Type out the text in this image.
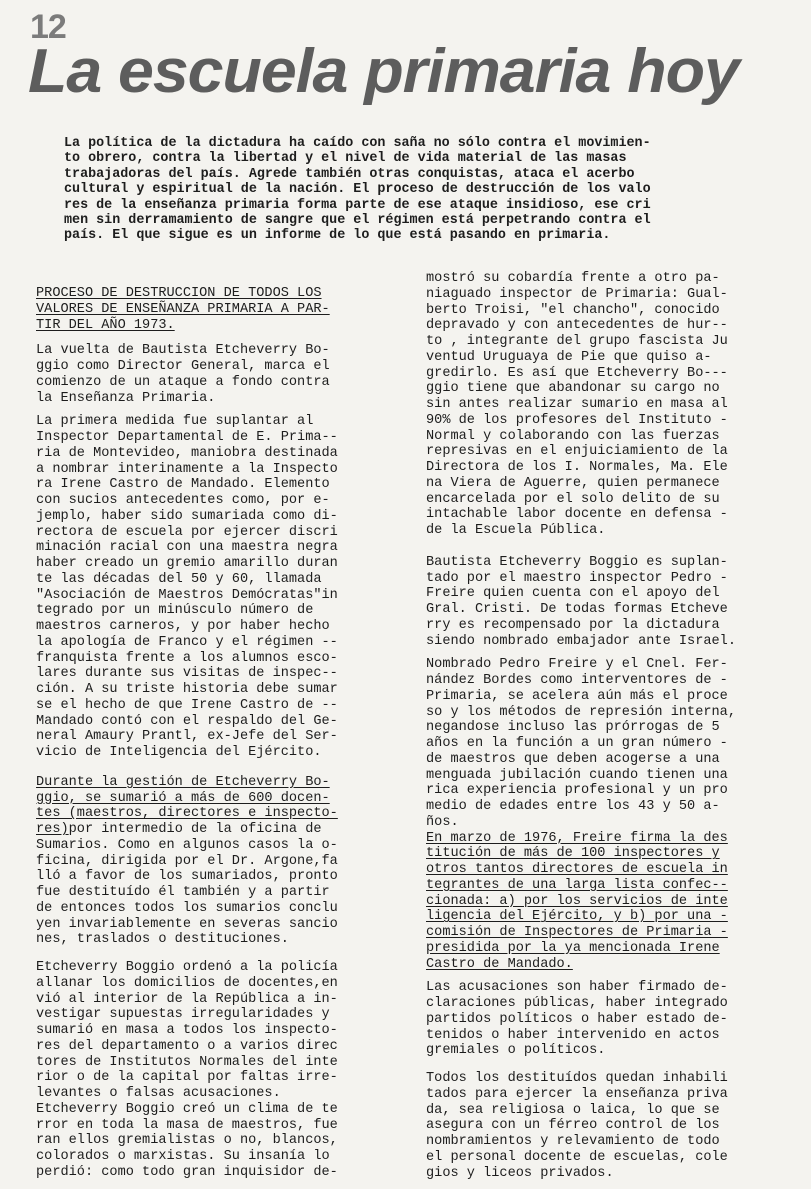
12
La escuela primaria hoy

La política de la dictadura ha caído con saña no sólo contra el movimien-
to obrero, contra la libertad y el nivel de vida material de las masas
trabajadoras del país. Agrede también otras conquistas, ataca el acerbo
cultural y espiritual de la nación. El proceso de destrucción de los valo
res de la enseñanza primaria forma parte de ese ataque insidioso, ese cri
men sin derramamiento de sangre que el régimen está perpetrando contra el
país. El que sigue es un informe de lo que está pasando en primaria.

PROCESO DE DESTRUCCION DE TODOS LOS
VALORES DE ENSEÑANZA PRIMARIA A PAR-
TIR DEL AÑO 1973.

La vuelta de Bautista Etcheverry Bo-
ggio como Director General, marca el
comienzo de un ataque a fondo contra
la Enseñanza Primaria.

La primera medida fue suplantar al
Inspector Departamental de E. Prima--
ria de Montevideo, maniobra destinada
a nombrar interinamente a la Inspecto
ra Irene Castro de Mandado. Elemento
con sucios antecedentes como, por e-
jemplo, haber sido sumariada como di-
rectora de escuela por ejercer discri
minación racial con una maestra negra
haber creado un gremio amarillo duran
te las décadas del 50 y 60, llamada
"Asociación de Maestros Demócratas"in
tegrado por un minúsculo número de
maestros carneros, y por haber hecho
la apología de Franco y el régimen --
franquista frente a los alumnos esco-
lares durante sus visitas de inspec--
ción. A su triste historia debe sumar
se el hecho de que Irene Castro de --
Mandado contó con el respaldo del Ge-
neral Amaury Prantl, ex-Jefe del Ser-
vicio de Inteligencia del Ejército.

Durante la gestión de Etcheverry Bo-
ggio, se sumarió a más de 600 docen-
tes (maestros, directores e inspecto-
res)por intermedio de la oficina de
Sumarios. Como en algunos casos la o-
ficina, dirigida por el Dr. Argone,fa
lló a favor de los sumariados, pronto
fue destituído él también y a partir
de entonces todos los sumarios conclu
yen invariablemente en severas sancio
nes, traslados o destituciones.

Etcheverry Boggio ordenó a la policía
allanar los domicilios de docentes,en
vió al interior de la República a in-
vestigar supuestas irregularidades y
sumarió en masa a todos los inspecto-
res del departamento o a varios direc
tores de Institutos Normales del inte
rior o de la capital por faltas irre-
levantes o falsas acusaciones.
Etcheverry Boggio creó un clima de te
rror en toda la masa de maestros, fue
ran ellos gremialistas o no, blancos,
colorados o marxistas. Su insanía lo
perdió: como todo gran inquisidor de-

mostró su cobardía frente a otro pa-
niaguado inspector de Primaria: Gual-
berto Troisi, "el chancho", conocido
depravado y con antecedentes de hur--
to , integrante del grupo fascista Ju
ventud Uruguaya de Pie que quiso a-
gredirlo. Es así que Etcheverry Bo---
ggio tiene que abandonar su cargo no
sin antes realizar sumario en masa al
90% de los profesores del Instituto -
Normal y colaborando con las fuerzas
represivas en el enjuiciamiento de la
Directora de los I. Normales, Ma. Ele
na Viera de Aguerre, quien permanece
encarcelada por el solo delito de su
intachable labor docente en defensa -
de la Escuela Pública.

Bautista Etcheverry Boggio es suplan-
tado por el maestro inspector Pedro -
Freire quien cuenta con el apoyo del
Gral. Cristi. De todas formas Etcheve
rry es recompensado por la dictadura
siendo nombrado embajador ante Israel.

Nombrado Pedro Freire y el Cnel. Fer-
nández Bordes como interventores de -
Primaria, se acelera aún más el proce
so y los métodos de represión interna,
negandose incluso las prórrogas de 5
años en la función a un gran número -
de maestros que deben acogerse a una
menguada jubilación cuando tienen una
rica experiencia profesional y un pro
medio de edades entre los 43 y 50 a-
ños.

En marzo de 1976, Freire firma la des
titución de más de 100 inspectores y
otros tantos directores de escuela in
tegrantes de una larga lista confec--
cionada: a) por los servicios de inte
ligencia del Ejército, y b) por una -
comisión de Inspectores de Primaria -
presidida por la ya mencionada Irene
Castro de Mandado.

Las acusaciones son haber firmado de-
claraciones públicas, haber integrado
partidos políticos o haber estado de-
tenidos o haber intervenido en actos
gremiales o políticos.

Todos los destituídos quedan inhabili
tados para ejercer la enseñanza priva
da, sea religiosa o laica, lo que se
asegura con un férreo control de los
nombramientos y relevamiento de todo
el personal docente de escuelas, cole
gios y liceos privados.
